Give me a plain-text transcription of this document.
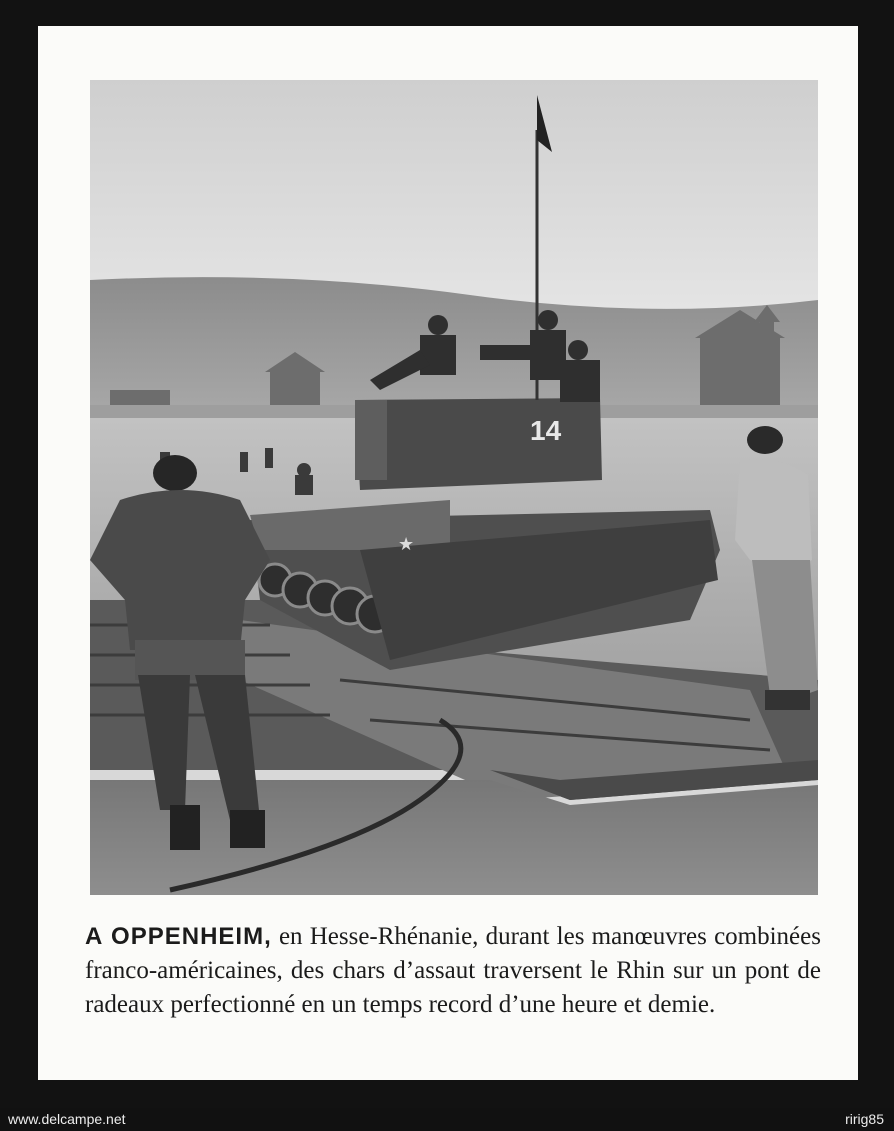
14
★
A OPPENHEIM, en Hesse-Rhénanie, durant les manœuvres combinées franco-américaines, des chars d’assaut traversent le Rhin sur un pont de radeaux perfectionné en un temps record d’une heure et demie.
www.delcampe.net	ririg85
